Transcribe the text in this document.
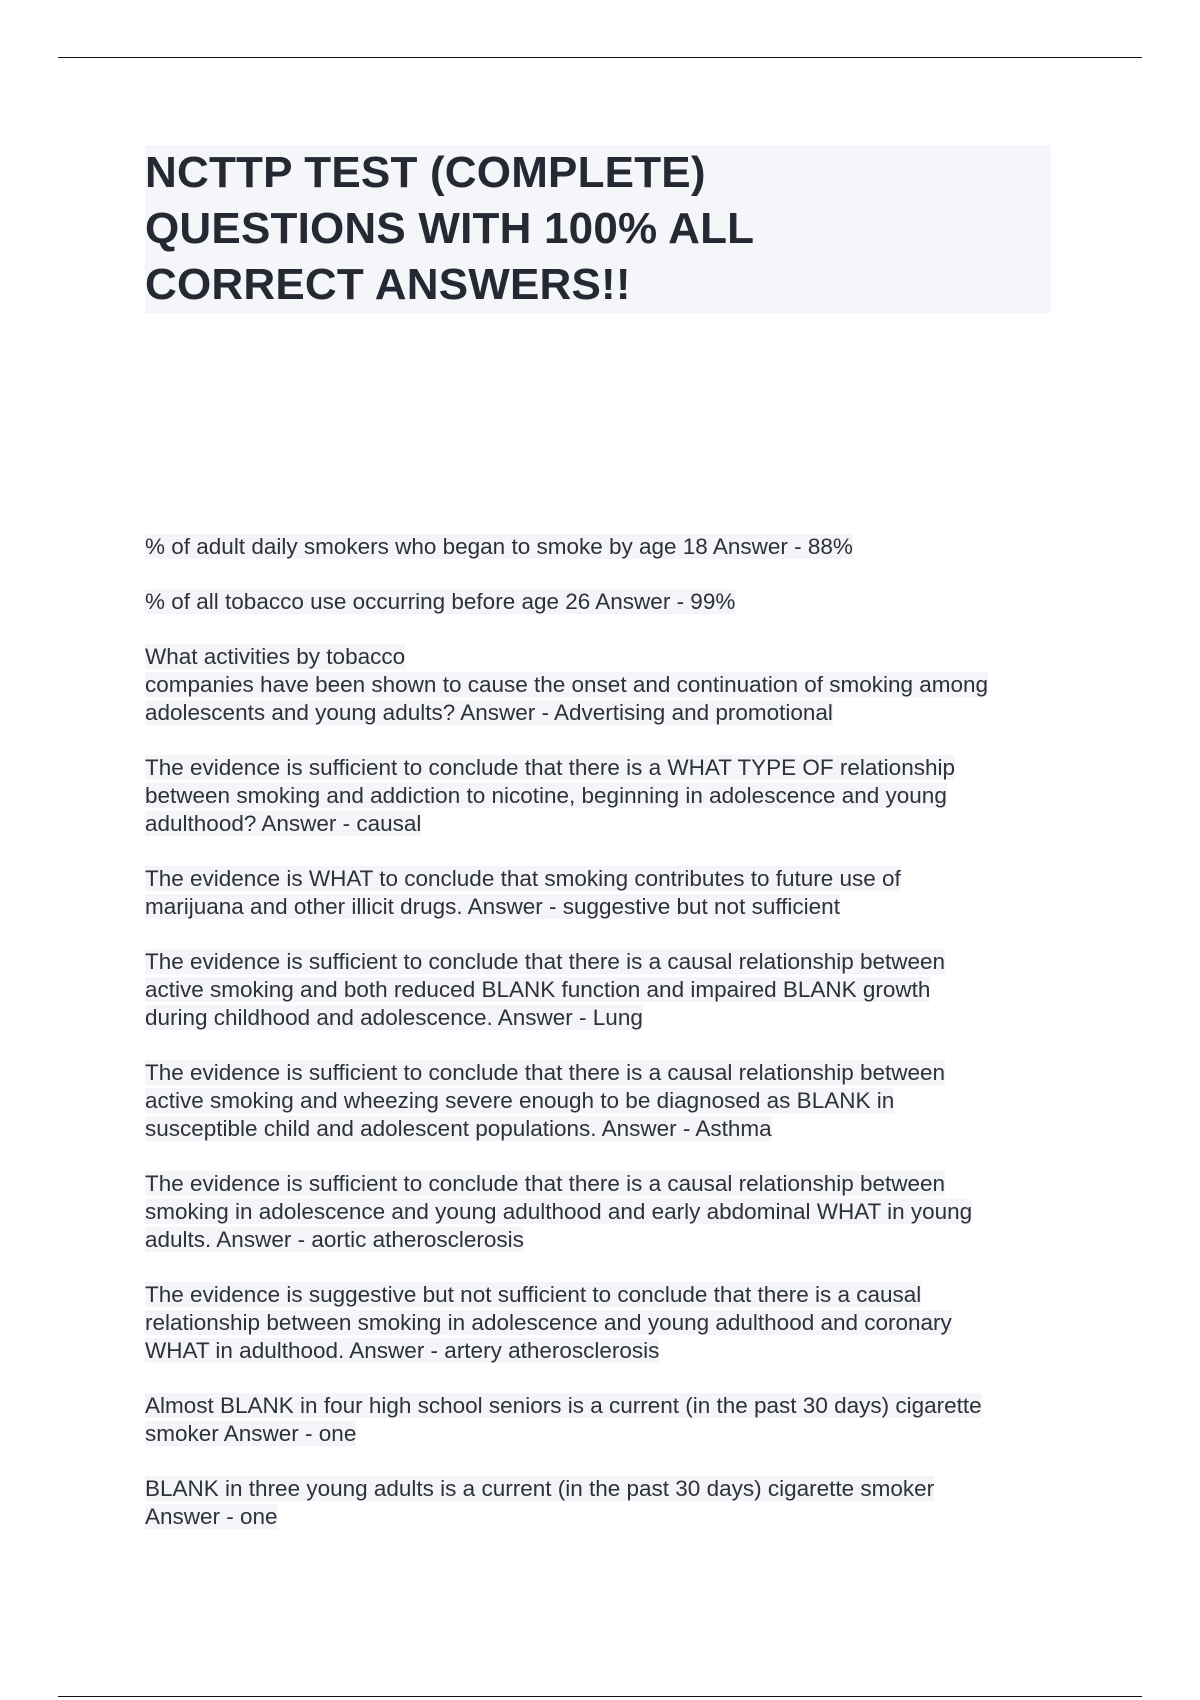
NCTTP TEST (COMPLETE)
QUESTIONS WITH 100% ALL
CORRECT ANSWERS!!
% of adult daily smokers who began to smoke by age 18 Answer - 88%
% of all tobacco use occurring before age 26 Answer - 99%
What activities by tobacco
companies have been shown to cause the onset and continuation of smoking among
adolescents and young adults? Answer - Advertising and promotional
The evidence is sufficient to conclude that there is a WHAT TYPE OF relationship
between smoking and addiction to nicotine, beginning in adolescence and young
adulthood? Answer - causal
The evidence is WHAT to conclude that smoking contributes to future use of
marijuana and other illicit drugs. Answer - suggestive but not sufficient
The evidence is sufficient to conclude that there is a causal relationship between
active smoking and both reduced BLANK function and impaired BLANK growth
during childhood and adolescence. Answer - Lung
The evidence is sufficient to conclude that there is a causal relationship between
active smoking and wheezing severe enough to be diagnosed as BLANK in
susceptible child and adolescent populations. Answer - Asthma
The evidence is sufficient to conclude that there is a causal relationship between
smoking in adolescence and young adulthood and early abdominal WHAT in young
adults. Answer - aortic atherosclerosis
The evidence is suggestive but not sufficient to conclude that there is a causal
relationship between smoking in adolescence and young adulthood and coronary
WHAT in adulthood. Answer - artery atherosclerosis
Almost BLANK in four high school seniors is a current (in the past 30 days) cigarette
smoker Answer - one
BLANK in three young adults is a current (in the past 30 days) cigarette smoker
Answer - one
